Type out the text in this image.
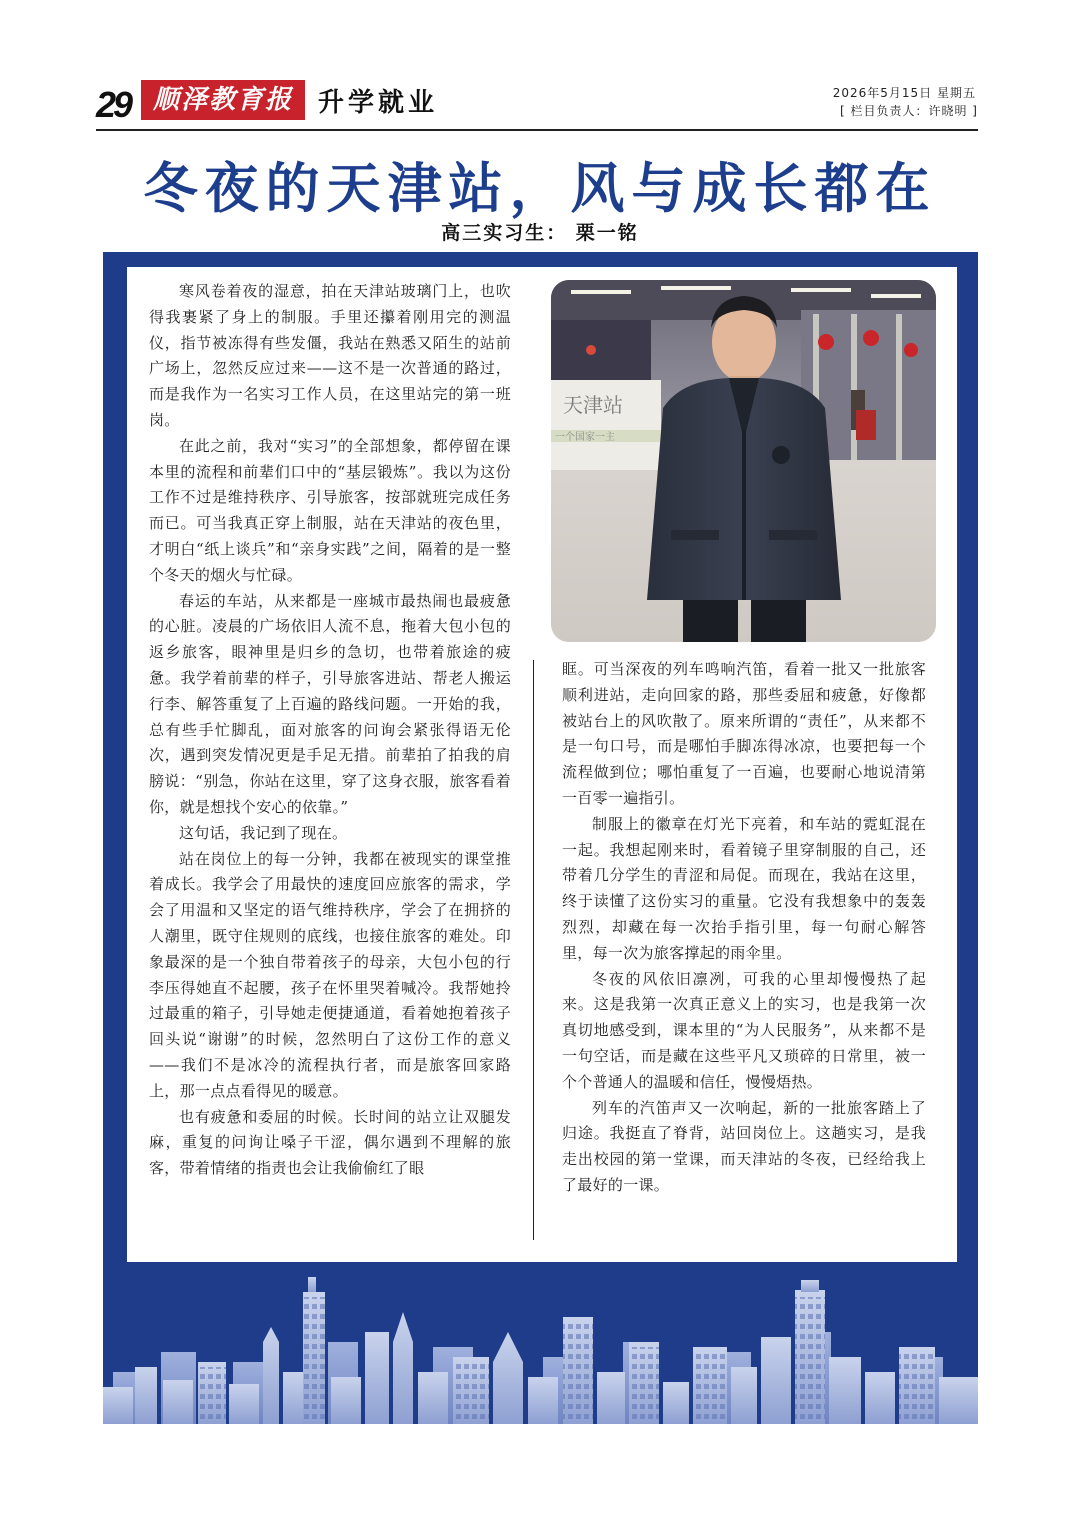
29 顺泽教育报 升学就业	2026年5月15日 星期五
[ 栏目负责人：许晓明 ]
冬夜的天津站，风与成长都在
高三实习生： 栗一铭

寒风卷着夜的湿意，拍在天津站玻璃门上，也吹得我裹紧了身上的制服。手里还攥着刚用完的测温仪，指节被冻得有些发僵，我站在熟悉又陌生的站前广场上，忽然反应过来——这不是一次普通的路过，而是我作为一名实习工作人员，在这里站完的第一班岗。

在此之前，我对“实习”的全部想象，都停留在课本里的流程和前辈们口中的“基层锻炼”。我以为这份工作不过是维持秩序、引导旅客，按部就班完成任务而已。可当我真正穿上制服，站在天津站的夜色里，才明白“纸上谈兵”和“亲身实践”之间，隔着的是一整个冬天的烟火与忙碌。

春运的车站，从来都是一座城市最热闹也最疲惫的心脏。凌晨的广场依旧人流不息，拖着大包小包的返乡旅客，眼神里是归乡的急切，也带着旅途的疲惫。我学着前辈的样子，引导旅客进站、帮老人搬运行李、解答重复了上百遍的路线问题。一开始的我，总有些手忙脚乱，面对旅客的问询会紧张得语无伦次，遇到突发情况更是手足无措。前辈拍了拍我的肩膀说：“别急，你站在这里，穿了这身衣服，旅客看着你，就是想找个安心的依靠。”

这句话，我记到了现在。

站在岗位上的每一分钟，我都在被现实的课堂推着成长。我学会了用最快的速度回应旅客的需求，学会了用温和又坚定的语气维持秩序，学会了在拥挤的人潮里，既守住规则的底线，也接住旅客的难处。印象最深的是一个独自带着孩子的母亲，大包小包的行李压得她直不起腰，孩子在怀里哭着喊冷。我帮她拎过最重的箱子，引导她走便捷通道，看着她抱着孩子回头说“谢谢”的时候，忽然明白了这份工作的意义——我们不是冰冷的流程执行者，而是旅客回家路上，那一点点看得见的暖意。

也有疲惫和委屈的时候。长时间的站立让双腿发麻，重复的问询让嗓子干涩，偶尔遇到不理解的旅客，带着情绪的指责也会让我偷偷红了眼

天津站
一个国家一主

眶。可当深夜的列车鸣响汽笛，看着一批又一批旅客顺利进站，走向回家的路，那些委屈和疲惫，好像都被站台上的风吹散了。原来所谓的“责任”，从来都不是一句口号，而是哪怕手脚冻得冰凉，也要把每一个流程做到位；哪怕重复了一百遍，也要耐心地说清第一百零一遍指引。

制服上的徽章在灯光下亮着，和车站的霓虹混在一起。我想起刚来时，看着镜子里穿制服的自己，还带着几分学生的青涩和局促。而现在，我站在这里，终于读懂了这份实习的重量。它没有我想象中的轰轰烈烈，却藏在每一次抬手指引里，每一句耐心解答里，每一次为旅客撑起的雨伞里。

冬夜的风依旧凛冽，可我的心里却慢慢热了起来。这是我第一次真正意义上的实习，也是我第一次真切地感受到，课本里的“为人民服务”，从来都不是一句空话，而是藏在这些平凡又琐碎的日常里，被一个个普通人的温暖和信任，慢慢焐热。

列车的汽笛声又一次响起，新的一批旅客踏上了归途。我挺直了脊背，站回岗位上。这趟实习，是我走出校园的第一堂课，而天津站的冬夜，已经给我上了最好的一课。
